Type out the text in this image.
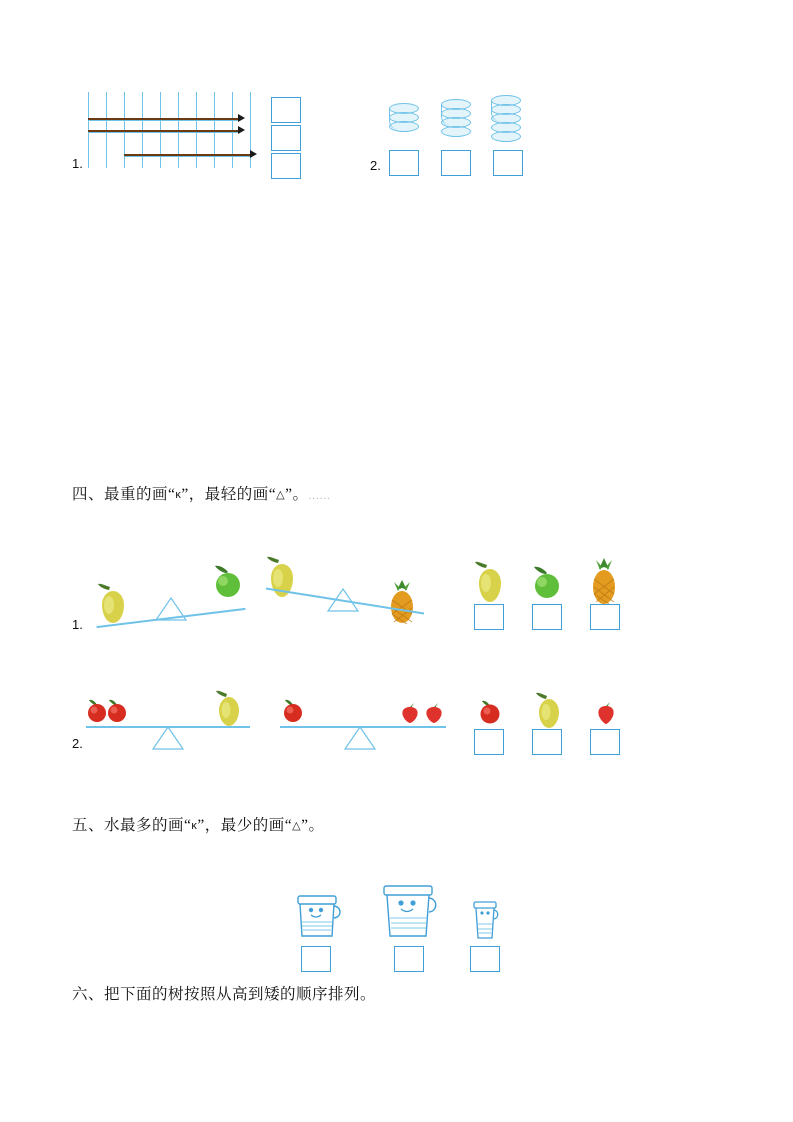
1.	2.
四、最重的画“κ”，最轻的画“△”。......
1.
2.
五、水最多的画“κ”，最少的画“△”。
六、把下面的树按照从高到矮的顺序排列。
